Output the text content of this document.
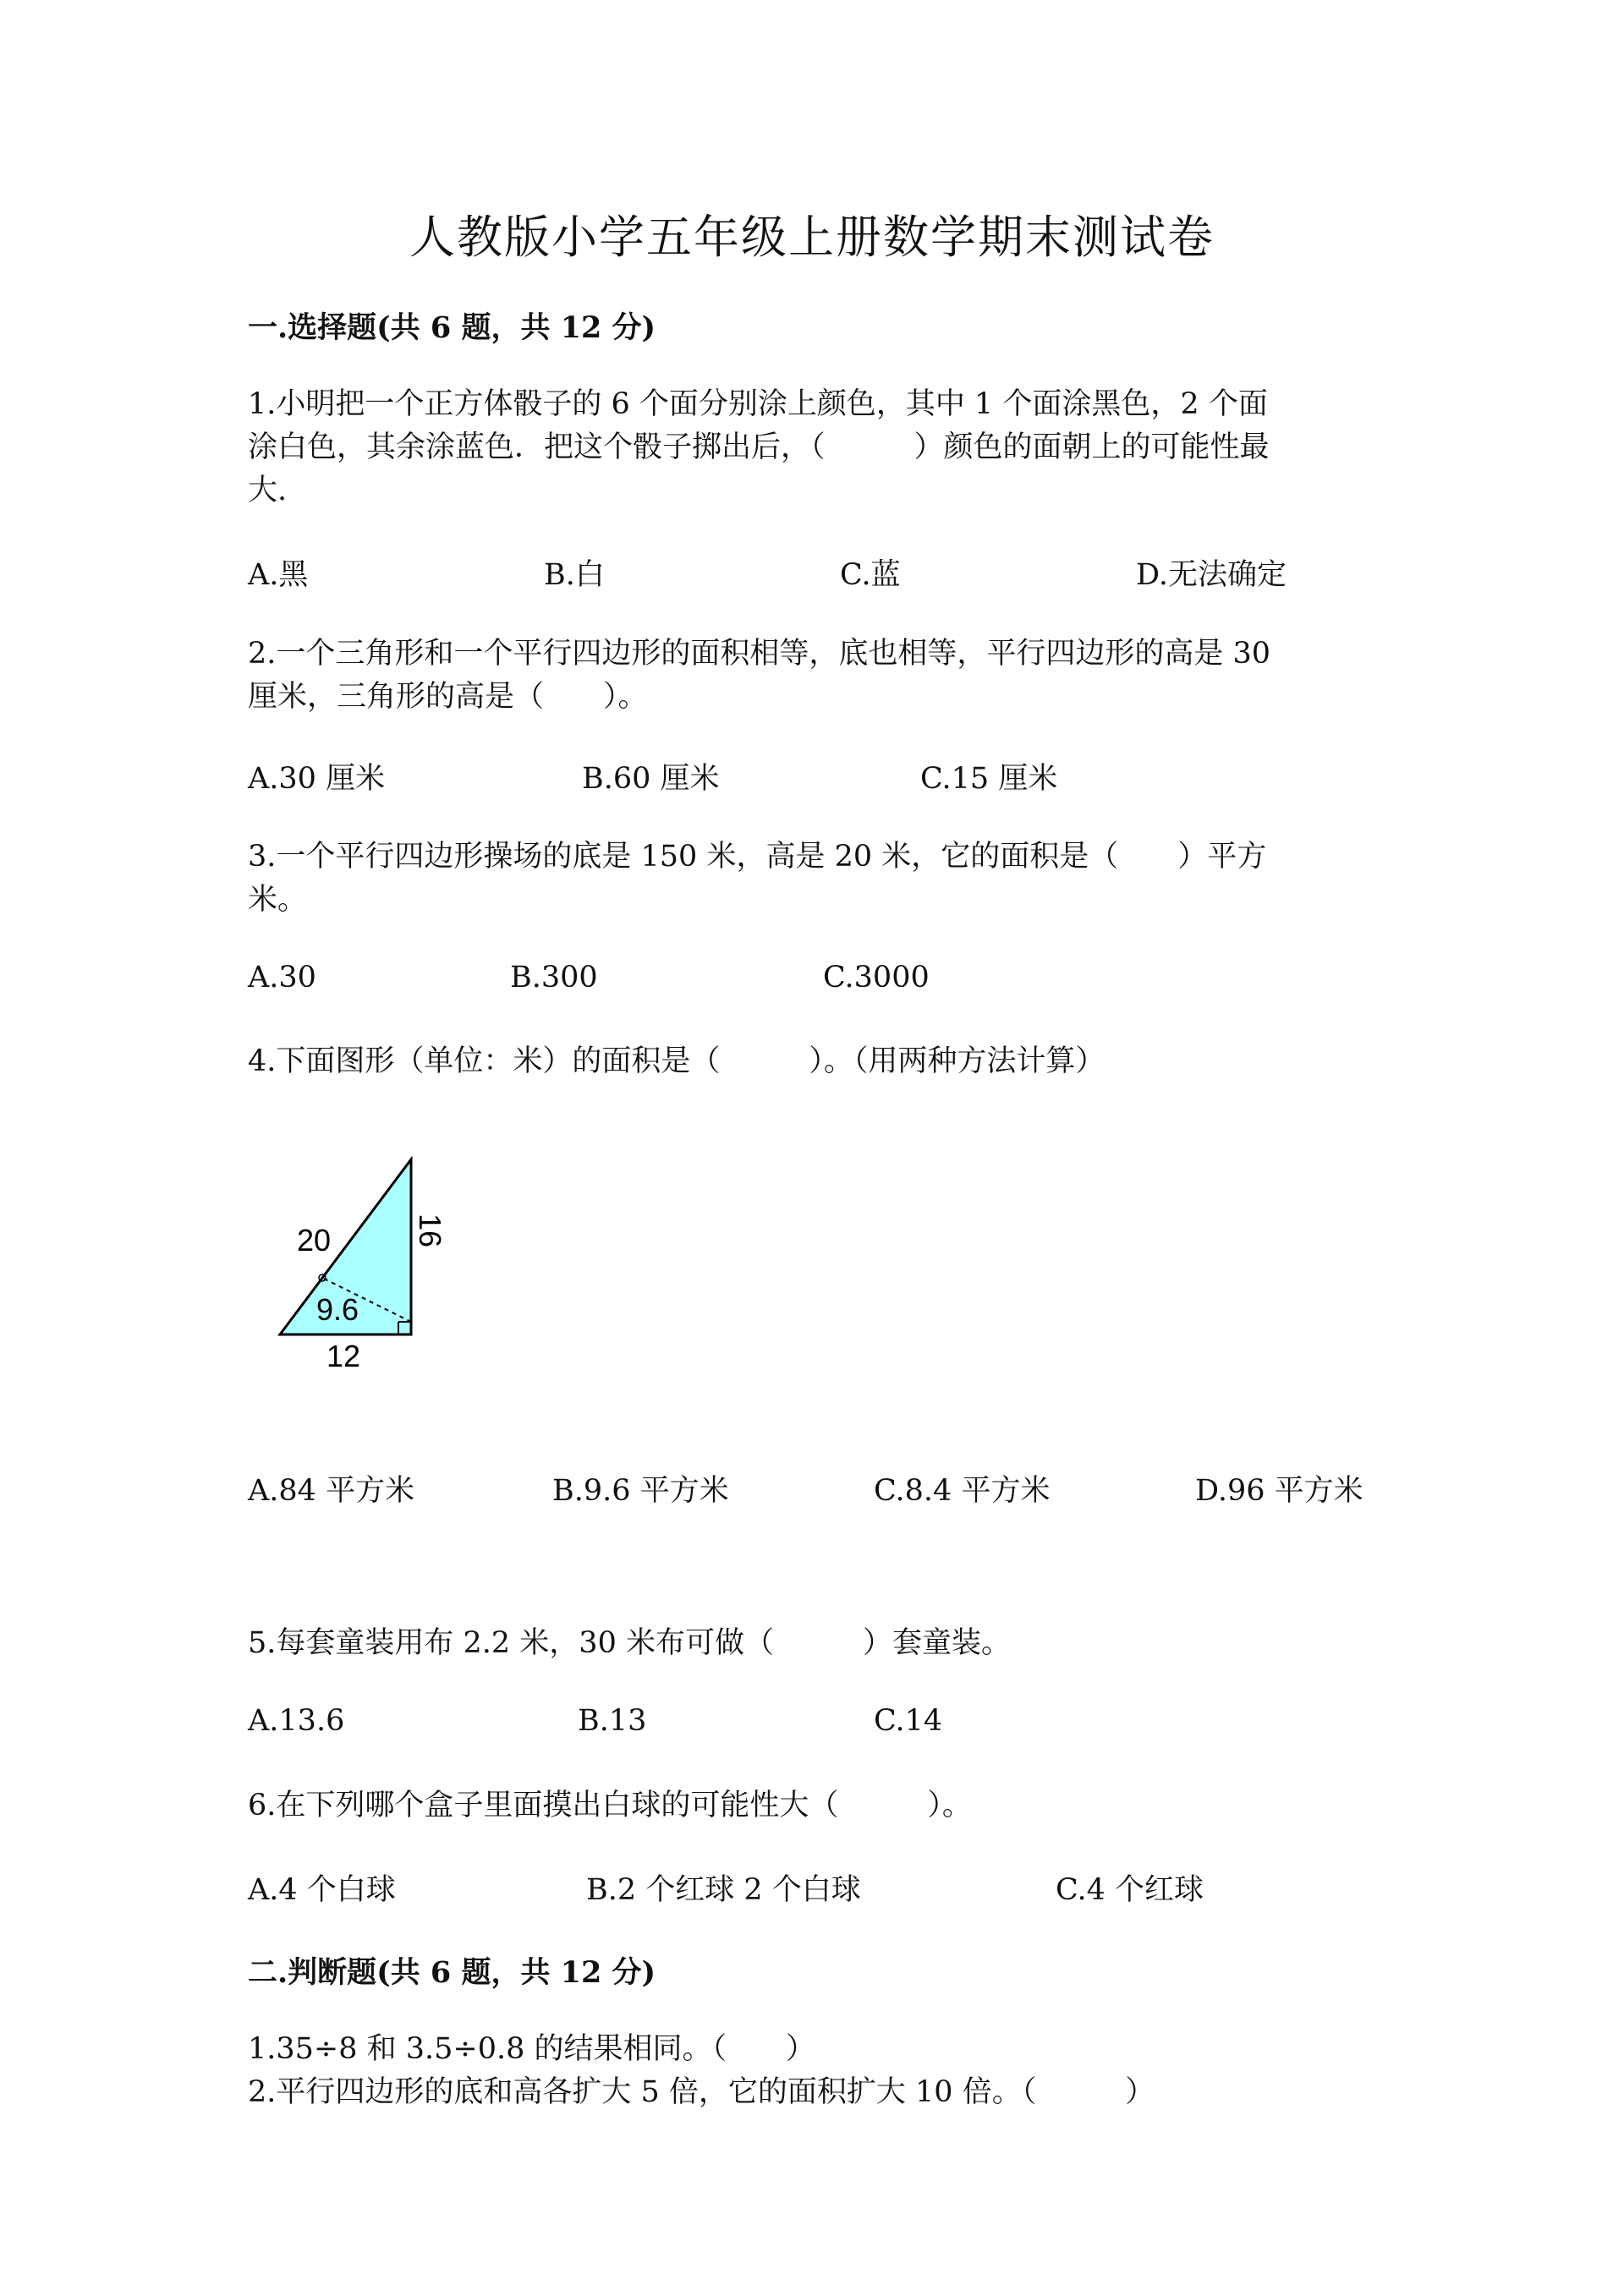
人教版小学五年级上册数学期末测试卷
一.选择题(共 6 题，共 12 分)
1.小明把一个正方体骰子的 6 个面分别涂上颜色，其中 1 个面涂黑色，2 个面
涂白色，其余涂蓝色．把这个骰子掷出后，（　　　）颜色的面朝上的可能性最
大.
A.黑	B.白	C.蓝	D.无法确定
2.一个三角形和一个平行四边形的面积相等，底也相等，平行四边形的高是 30
厘米，三角形的高是（　　）。
A.30 厘米	B.60 厘米	C.15 厘米
3.一个平行四边形操场的底是 150 米，高是 20 米，它的面积是（　　）平方
米。
A.30	B.300	C.3000
4.下面图形（单位：米）的面积是（　　　）。（用两种方法计算）
20	16
9.6
12
A.84 平方米	B.9.6 平方米	C.8.4 平方米	D.96 平方米
5.每套童装用布 2.2 米，30 米布可做（　　　）套童装。
A.13.6	B.13	C.14
6.在下列哪个盒子里面摸出白球的可能性大（　　　）。
A.4 个白球	B.2 个红球 2 个白球	C.4 个红球
二.判断题(共 6 题，共 12 分)
1.35÷8 和 3.5÷0.8 的结果相同。（　　）
2.平行四边形的底和高各扩大 5 倍，它的面积扩大 10 倍。（　　　）
